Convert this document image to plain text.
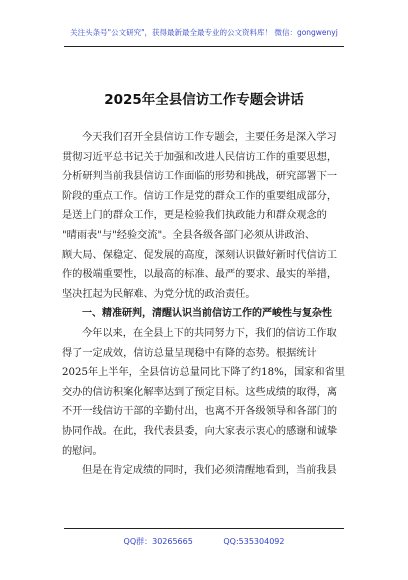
关注头条号"公文研究"，获得最新最全最专业的公文资料库！ 微信：gongwenyj
2025年全县信访工作专题会讲话
今天我们召开全县信访工作专题会，主要任务是深入学习
贯彻习近平总书记关于加强和改进人民信访工作的重要思想，
分析研判当前我县信访工作面临的形势和挑战，研究部署下一
阶段的重点工作。信访工作是党的群众工作的重要组成部分，
是送上门的群众工作，更是检验我们执政能力和群众观念的
"晴雨表"与"经验交流"。全县各级各部门必须从讲政治、
顾大局、保稳定、促发展的高度，深刻认识做好新时代信访工
作的极端重要性，以最高的标准、最严的要求、最实的举措，
坚决扛起为民解难、为党分忧的政治责任。
一、精准研判，清醒认识当前信访工作的严峻性与复杂性
今年以来，在全县上下的共同努力下，我们的信访工作取
得了一定成效，信访总量呈现稳中有降的态势。根据统计
2025年上半年，全县信访总量同比下降了约18%，国家和省里
交办的信访积案化解率达到了预定目标。这些成绩的取得，离
不开一线信访干部的辛勤付出，也离不开各级领导和各部门的
协同作战。在此，我代表县委，向大家表示衷心的感谢和诚挚
的慰问。
但是在肯定成绩的同时，我们必须清醒地看到，当前我县
QQ群：30265665	QQ:535304092
